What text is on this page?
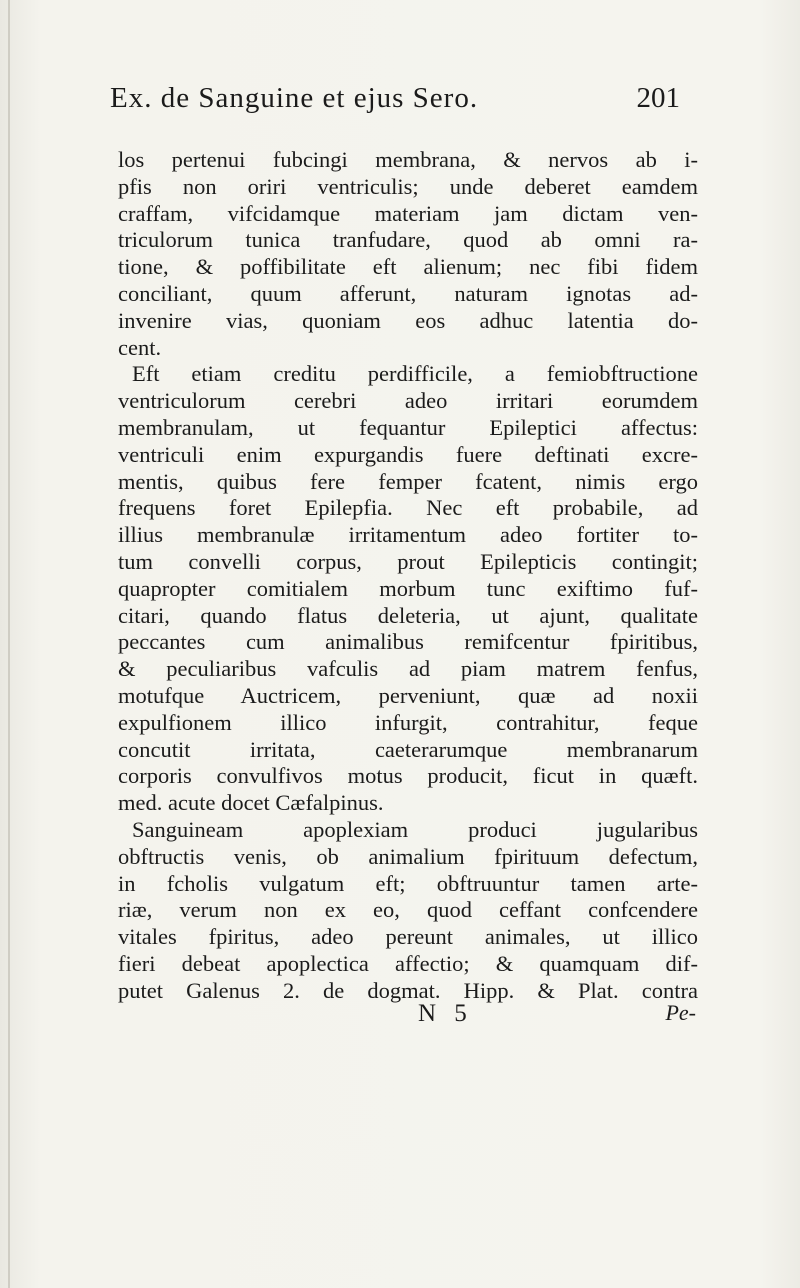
Ex. de Sanguine et ejus Sero.	201
los pertenui fubcingi membrana, & nervos ab i-
pfis non oriri ventriculis; unde deberet eamdem
craffam, vifcidamque materiam jam dictam ven-
triculorum tunica tranfudare, quod ab omni ra-
tione, & poffibilitate eft alienum; nec fibi fidem
conciliant, quum afferunt, naturam ignotas ad-
invenire vias, quoniam eos adhuc latentia do-
cent.
Eft etiam creditu perdifficile, a femiobftructione
ventriculorum cerebri adeo irritari eorumdem
membranulam, ut fequantur Epileptici affectus:
ventriculi enim expurgandis fuere deftinati excre-
mentis, quibus fere femper fcatent, nimis ergo
frequens foret Epilepfia. Nec eft probabile, ad
illius membranulæ irritamentum adeo fortiter to-
tum convelli corpus, prout Epilepticis contingit;
quapropter comitialem morbum tunc exiftimo fuf-
citari, quando flatus deleteria, ut ajunt, qualitate
peccantes cum animalibus remifcentur fpiritibus,
& peculiaribus vafculis ad piam matrem fenfus,
motufque Auctricem, perveniunt, quæ ad noxii
expulfionem illico infurgit, contrahitur, feque
concutit irritata, caeterarumque membranarum
corporis convulfivos motus producit, ficut in quæft.
med. acute docet Cæfalpinus.
Sanguineam apoplexiam produci jugularibus
obftructis venis, ob animalium fpirituum defectum,
in fcholis vulgatum eft; obftruuntur tamen arte-
riæ, verum non ex eo, quod ceffant confcendere
vitales fpiritus, adeo pereunt animales, ut illico
fieri debeat apoplectica affectio; & quamquam dif-
putet Galenus 2. de dogmat. Hipp. & Plat. contra
N 5	Pe-
